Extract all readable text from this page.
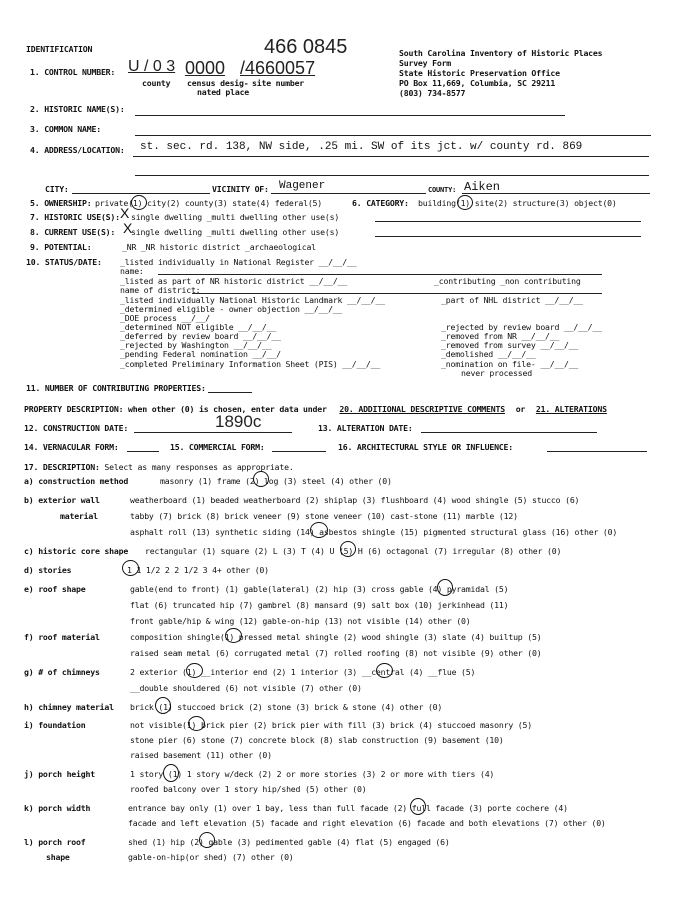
IDENTIFICATION	466 0845	South Carolina Inventory of Historic Places
Survey Form
State Historic Preservation Office
PO Box 11,669, Columbia, SC 29211
(803) 734-8577
1. CONTROL NUMBER: U / 0 3 0000 /4660057
county census desig-
nated place
site number
2. HISTORIC NAME(S):
3. COMMON NAME:
4. ADDRESS/LOCATION: st. sec. rd. 138, NW side, .25 mi. SW of its jct. w/ county rd. 869
CITY:	VICINITY OF: Wagener	COUNTY: Aiken
5. OWNERSHIP: private(1) city(2) county(3) state(4) federal(5)	6. CATEGORY: building(1) site(2) structure(3) object(0)
7. HISTORIC USE(S): X single dwelling _multi dwelling other use(s)
8. CURRENT USE(S): X
single dwelling _multi dwelling other use(s)
9. POTENTIAL:	_NR _NR historic district _archaeological
10. STATUS/DATE: _listed individually in National Register __/__/__
name:
_listed as part of NR historic district __/__/__
name of district:
_listed individually National Historic Landmark __/__/__
_determined eligible - owner objection __/__/__
_DOE process __/__/
_determined NOT eligible __/__/__
_deferred by review board __/__/__
_rejected by Washington __/__/__
_pending Federal nomination __/__/
_completed Preliminary Information Sheet (PIS) __/__/__
_contributing _non contributing
_part of NHL district __/__/__
_rejected by review board __/__/__
_removed from NR __/__/__
_removed from survey __/__/__
_demolished __/__/__
_nomination on file- __/__/__
never processed
11. NUMBER OF CONTRIBUTING PROPERTIES:
PROPERTY DESCRIPTION: when other (0) is chosen, enter data under 20. ADDITIONAL DESCRIPTIVE COMMENTS or 21. ALTERATIONS
12. CONSTRUCTION DATE:	1890c	13. ALTERATION DATE:
14. VERNACULAR FORM:	15. COMMERCIAL FORM:	16. ARCHITECTURAL STYLE OR INFLUENCE:
17. DESCRIPTION: Select as many responses as appropriate.
a) construction method	masonry (1) frame (2) log (3) steel (4) other (0)
b) exterior wall
material
weatherboard (1) beaded weatherboard (2) shiplap (3) flushboard (4) wood shingle (5) stucco (6)
tabby (7) brick (8) brick veneer (9) stone veneer (10) cast-stone (11) marble (12)
asphalt roll (13) synthetic siding (14) asbestos shingle (15) pigmented structural glass (16) other (0)
c) historic core shape rectangular (1) square (2) L (3) T (4) U (5) H (6) octagonal (7) irregular (8) other (0)
d) stories	1 1 1/2 2 2 1/2 3 4+ other (0)
e) roof shape	gable(end to front) (1) gable(lateral) (2) hip (3) cross gable (4) pyramidal (5)
flat (6) truncated hip (7) gambrel (8) mansard (9) salt box (10) jerkinhead (11)
front gable/hip & wing (12) gable-on-hip (13) not visible (14) other (0)
f) roof material	composition shingle(1) pressed metal shingle (2) wood shingle (3) slate (4) builtup (5)
raised seam metal (6) corrugated metal (7) rolled roofing (8) not visible (9) other (0)
g) # of chimneys	2 exterior (1) __interior end (2) 1 interior (3) __central (4) __flue (5)
__double shouldered (6) not visible (7) other (0)
h) chimney material brick (1) stuccoed brick (2) stone (3) brick & stone (4) other (0)
i) foundation	not visible(1) brick pier (2) brick pier with fill (3) brick (4) stuccoed masonry (5)
stone pier (6) stone (7) concrete block (8) slab construction (9) basement (10)
raised basement (11) other (0)
j) porch height	1 story (1) 1 story w/deck (2) 2 or more stories (3) 2 or more with tiers (4)
roofed balcony over 1 story hip/shed (5) other (0)
k) porch width	entrance bay only (1) over 1 bay, less than full facade (2) full facade (3) porte cochere (4)
facade and left elevation (5) facade and right elevation (6) facade and both elevations (7) other (0)
l) porch roof
shape
shed (1) hip (2) gable (3) pedimented gable (4) flat (5) engaged (6)
gable-on-hip(or shed) (7) other (0)
